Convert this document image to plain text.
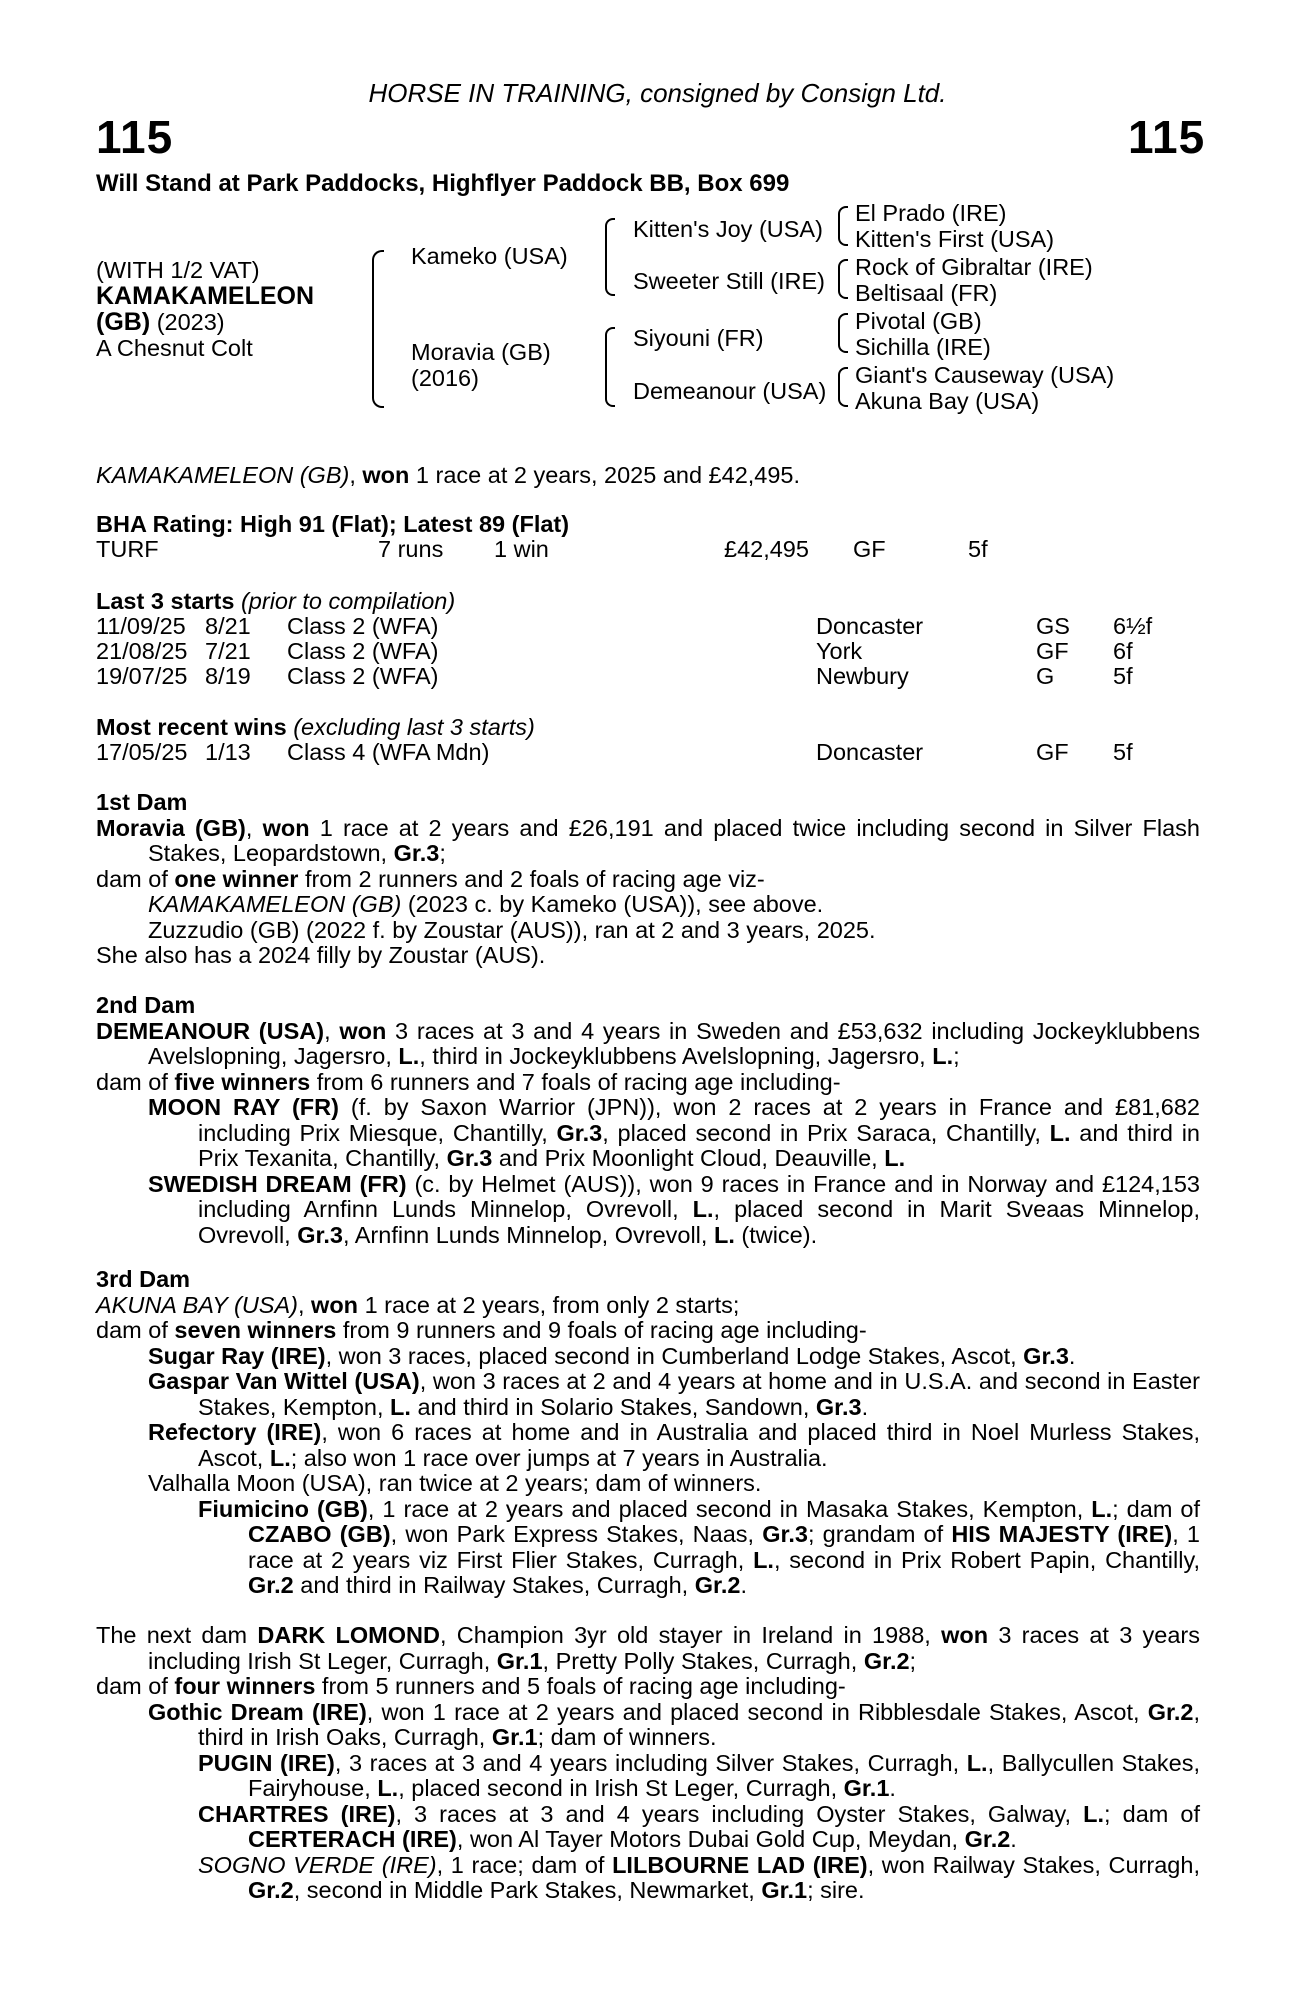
HORSE IN TRAINING, consigned by Consign Ltd.
115	115
Will Stand at Park Paddocks, Highflyer Paddock BB, Box 699
(WITH 1/2 VAT)
KAMAKAMELEON
(GB) (2023)
A Chesnut Colt
Kameko (USA)
Moravia (GB)
(2016)
Kitten's Joy (USA)
Sweeter Still (IRE)
Siyouni (FR)
Demeanour (USA)
El Prado (IRE)
Kitten's First (USA)
Rock of Gibraltar (IRE)
Beltisaal (FR)
Pivotal (GB)
Sichilla (IRE)
Giant's Causeway (USA)
Akuna Bay (USA)
KAMAKAMELEON (GB), won 1 race at 2 years, 2025 and £42,495.
BHA Rating: High 91 (Flat); Latest 89 (Flat)
TURF	7 runs 1 win	£42,495 GF	5f
Last 3 starts (prior to compilation)
11/09/25 8/21 Class 2 (WFA)	Doncaster	GS 6½f
21/08/25 7/21 Class 2 (WFA)	York	GF 6f
19/07/25 8/19 Class 2 (WFA)	Newbury	G 5f
Most recent wins (excluding last 3 starts)
17/05/25 1/13 Class 4 (WFA Mdn)	Doncaster	GF 5f
1st Dam
Moravia (GB), won 1 race at 2 years and £26,191 and placed twice including second in Silver Flash Stakes, Leopardstown, Gr.3;
dam of one winner from 2 runners and 2 foals of racing age viz-
KAMAKAMELEON (GB) (2023 c. by Kameko (USA)), see above.
Zuzzudio (GB) (2022 f. by Zoustar (AUS)), ran at 2 and 3 years, 2025.
She also has a 2024 filly by Zoustar (AUS).
2nd Dam
DEMEANOUR (USA), won 3 races at 3 and 4 years in Sweden and £53,632 including Jockeyklubbens Avelslopning, Jagersro, L., third in Jockeyklubbens Avelslopning, Jagersro, L.;
dam of five winners from 6 runners and 7 foals of racing age including-
MOON RAY (FR) (f. by Saxon Warrior (JPN)), won 2 races at 2 years in France and £81,682 including Prix Miesque, Chantilly, Gr.3, placed second in Prix Saraca, Chantilly, L. and third in Prix Texanita, Chantilly, Gr.3 and Prix Moonlight Cloud, Deauville, L.
SWEDISH DREAM (FR) (c. by Helmet (AUS)), won 9 races in France and in Norway and £124,153 including Arnfinn Lunds Minnelop, Ovrevoll, L., placed second in Marit Sveaas Minnelop, Ovrevoll, Gr.3, Arnfinn Lunds Minnelop, Ovrevoll, L. (twice).
3rd Dam
AKUNA BAY (USA), won 1 race at 2 years, from only 2 starts;
dam of seven winners from 9 runners and 9 foals of racing age including-
Sugar Ray (IRE), won 3 races, placed second in Cumberland Lodge Stakes, Ascot, Gr.3.
Gaspar Van Wittel (USA), won 3 races at 2 and 4 years at home and in U.S.A. and second in Easter Stakes, Kempton, L. and third in Solario Stakes, Sandown, Gr.3.
Refectory (IRE), won 6 races at home and in Australia and placed third in Noel Murless Stakes, Ascot, L.; also won 1 race over jumps at 7 years in Australia.
Valhalla Moon (USA), ran twice at 2 years; dam of winners.
Fiumicino (GB), 1 race at 2 years and placed second in Masaka Stakes, Kempton, L.; dam of CZABO (GB), won Park Express Stakes, Naas, Gr.3; grandam of HIS MAJESTY (IRE), 1 race at 2 years viz First Flier Stakes, Curragh, L., second in Prix Robert Papin, Chantilly, Gr.2 and third in Railway Stakes, Curragh, Gr.2.
The next dam DARK LOMOND, Champion 3yr old stayer in Ireland in 1988, won 3 races at 3 years including Irish St Leger, Curragh, Gr.1, Pretty Polly Stakes, Curragh, Gr.2;
dam of four winners from 5 runners and 5 foals of racing age including-
Gothic Dream (IRE), won 1 race at 2 years and placed second in Ribblesdale Stakes, Ascot, Gr.2, third in Irish Oaks, Curragh, Gr.1; dam of winners.
PUGIN (IRE), 3 races at 3 and 4 years including Silver Stakes, Curragh, L., Ballycullen Stakes, Fairyhouse, L., placed second in Irish St Leger, Curragh, Gr.1.
CHARTRES (IRE), 3 races at 3 and 4 years including Oyster Stakes, Galway, L.; dam of CERTERACH (IRE), won Al Tayer Motors Dubai Gold Cup, Meydan, Gr.2.
SOGNO VERDE (IRE), 1 race; dam of LILBOURNE LAD (IRE), won Railway Stakes, Curragh, Gr.2, second in Middle Park Stakes, Newmarket, Gr.1; sire.
